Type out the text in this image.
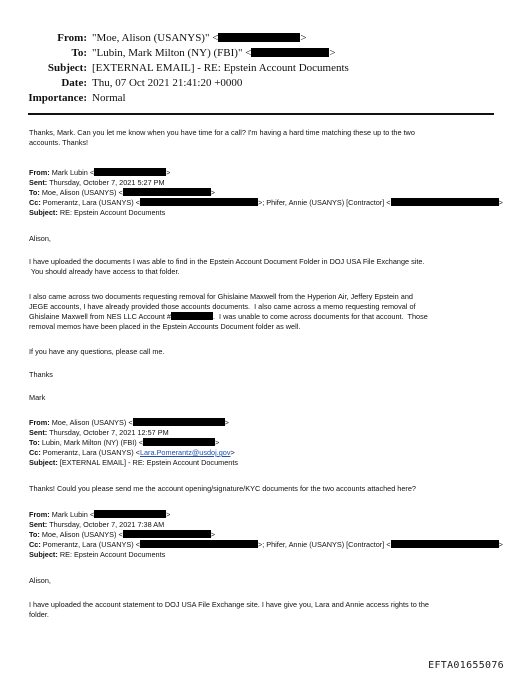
From: "Moe, Alison (USANYS)" <	>
To: "Lubin, Mark Milton (NY) (FBI)" <	>
Subject: [EXTERNAL EMAIL] - RE: Epstein Account Documents
Date: Thu, 07 Oct 2021 21:41:20 +0000
Importance: Normal
Thanks, Mark. Can you let me know when you have time for a call? I'm having a hard time matching these up to the two
accounts. Thanks!
From: Mark Lubin <	>
Sent: Thursday, October 7, 2021 5:27 PM
To: Moe, Alison (USANYS) <	>
Cc: Pomerantz, Lara (USANYS) <	>; Phifer, Annie (USANYS) [Contractor] <	>
Subject: RE: Epstein Account Documents
Alison,
I have uploaded the documents I was able to find in the Epstein Account Document Folder in DOJ USA File Exchange site.
You should already have access to that folder.
I also came across two documents requesting removal for Ghislaine Maxwell from the Hyperion Air, Jeffery Epstein and
JEGE accounts, I have already provided those accounts documents.  I also came across a memo requesting removal of
Ghislaine Maxwell from NES LLC Account #	.  I was unable to come across documents for that account.  Those
removal memos have been placed in the Epstein Accounts Document folder as well.
If you have any questions, please call me.
Thanks
Mark
From: Moe, Alison (USANYS) <	>
Sent: Thursday, October 7, 2021 12:57 PM
To: Lubin, Mark Milton (NY) (FBI) <	>
Cc: Pomerantz, Lara (USANYS) <Lara.Pomerantz@usdoj.gov>
Subject: [EXTERNAL EMAIL] - RE: Epstein Account Documents
Thanks! Could you please send me the account opening/signature/KYC documents for the two accounts attached here?
From: Mark Lubin <	>
Sent: Thursday, October 7, 2021 7:38 AM
To: Moe, Alison (USANYS) <	>
Cc: Pomerantz, Lara (USANYS) <	>; Phifer, Annie (USANYS) [Contractor] <	>
Subject: RE: Epstein Account Documents
Alison,
I have uploaded the account statement to DOJ USA File Exchange site. I have give you, Lara and Annie access rights to the
folder.
EFTA01655076
